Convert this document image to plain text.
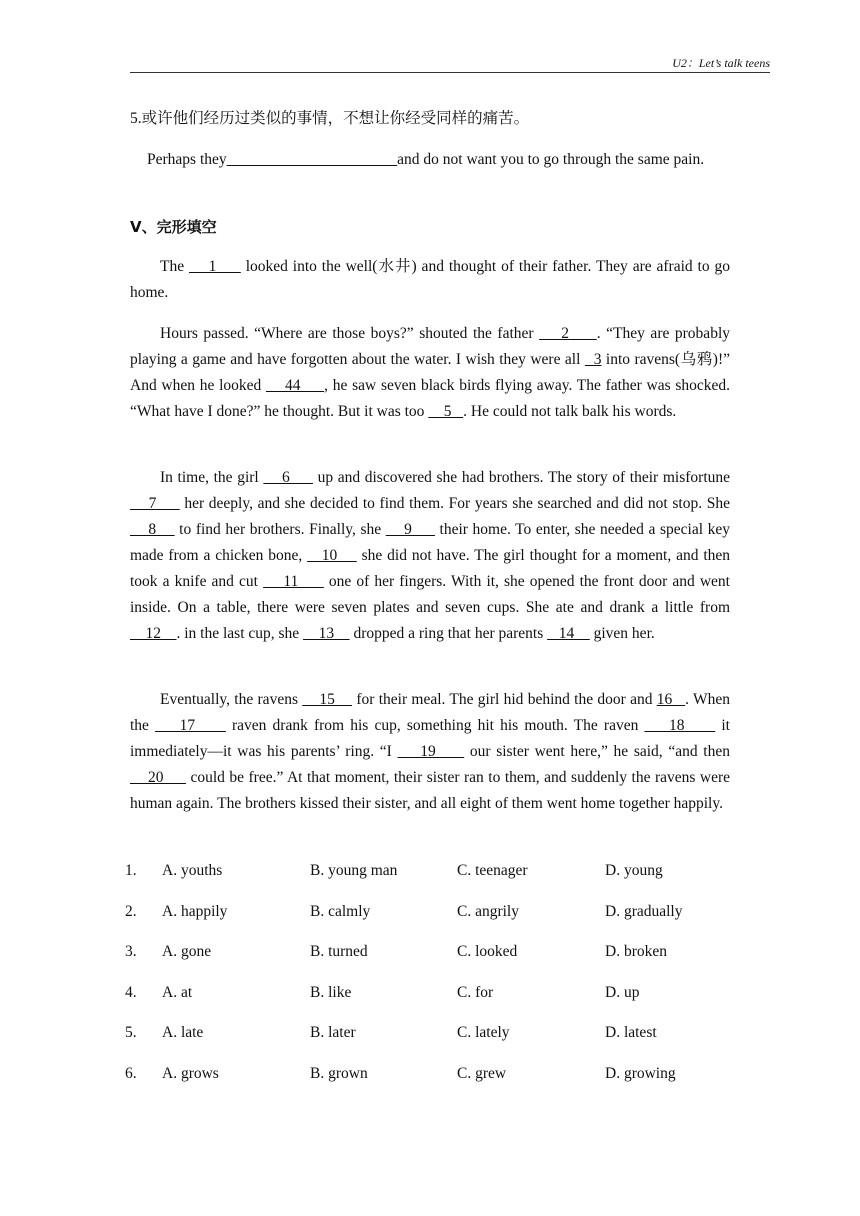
U2：Let’s talk teens
5.或许他们经历过类似的事情，不想让你经受同样的痛苦。
Perhaps they	and do not want you to go through the same pain.
V、完形填空
The     1      looked into the well(水井) and thought of their father. They are afraid to go home.
Hours passed. “Where are those boys?” shouted the father     2     . “They are probably playing a game and have forgotten about the water. I wish they were all   3 into ravens(乌鸦)!” And when he looked     44     , he saw seven black birds flying away. The father was shocked. “What have I done?” he thought. But it was too     5   . He could not talk balk his words.
In time, the girl     6      up and discovered she had brothers. The story of their misfortune     7      her deeply, and she decided to find them. For years she searched and did not stop. She     8     to find her brothers. Finally, she     9      their home. To enter, she needed a special key made from a chicken bone,    10     she did not have. The girl thought for a moment, and then took a knife and cut     11      one of her fingers. With it, she opened the front door and went inside. On a table, there were seven plates and seven cups. She ate and drank a little from     12    . in the last cup, she     13     dropped a ring that her parents    14     given her.
Eventually, the ravens     15     for their meal. The girl hid behind the door and 16   . When the     17      raven drank from his cup, something hit his mouth. The raven     18      it immediately—it was his parents’ ring. “I     19      our sister went here,” he said, “and then     20      could be free.” At that moment, their sister ran to them, and suddenly the ravens were human again. The brothers kissed their sister, and all eight of them went home together happily.
1. A. youths	B. young man	C. teenager	D. young
2. A. happily	B. calmly	C. angrily	D. gradually
3. A. gone	B. turned	C. looked	D. broken
4. A. at	B. like	C. for	D. up
5. A. late	B. later	C. lately	D. latest
6. A. grows	B. grown	C. grew	D. growing
